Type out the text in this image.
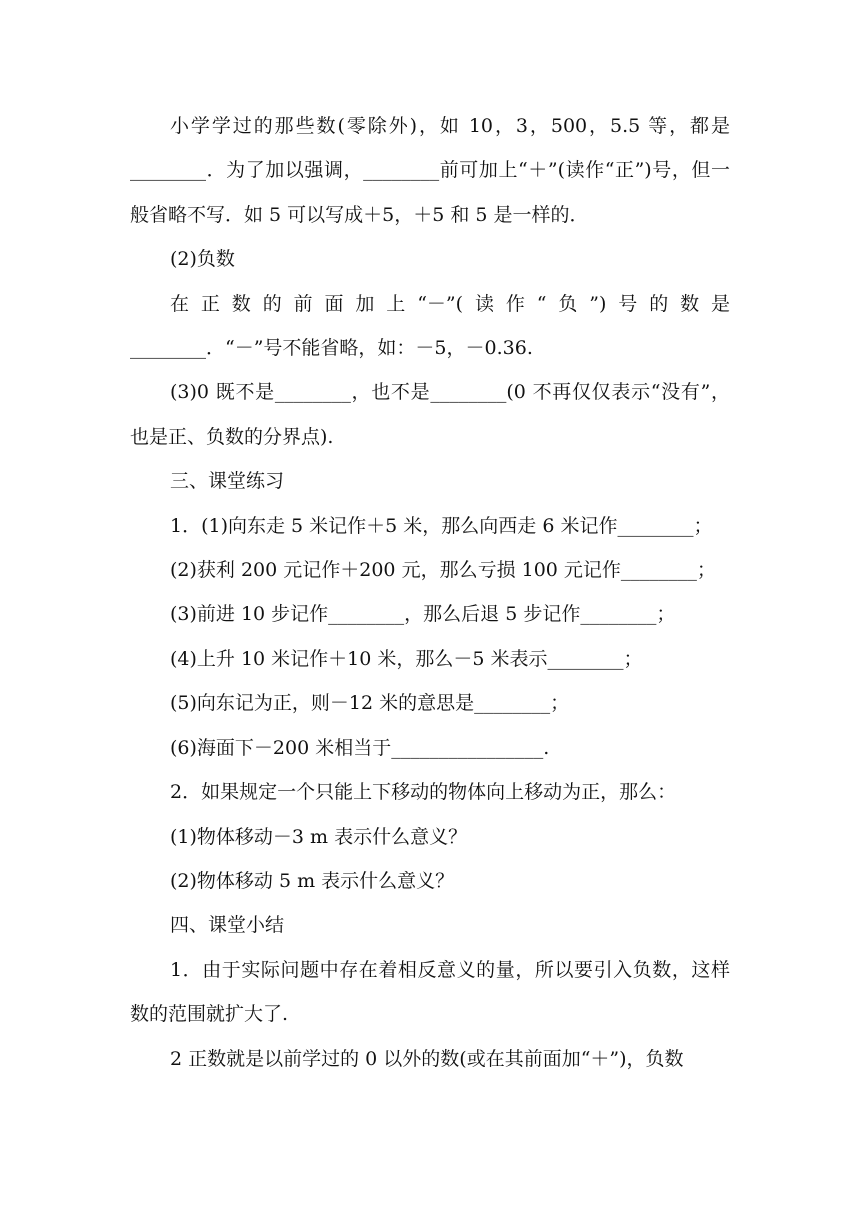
小学学过的那些数(零除外)，如 10，3，500，5.5 等，都是________．为了加以强调，________前可加上“＋”(读作“正”)号，但一般省略不写．如 5 可以写成＋5，＋5 和 5 是一样的．

(2)负数

在正数的前面加上“－”(读作“负”)号的数是

________．“－”号不能省略，如：－5，－0.36.

(3)0 既不是________，也不是________(0 不再仅仅表示“没有”，也是正、负数的分界点).

三、课堂练习

1．(1)向东走 5 米记作＋5 米，那么向西走 6 米记作________；

(2)获利 200 元记作＋200 元，那么亏损 100 元记作________；

(3)前进 10 步记作________，那么后退 5 步记作________；

(4)上升 10 米记作＋10 米，那么－5 米表示________；

(5)向东记为正，则－12 米的意思是________；

(6)海面下－200 米相当于________________.

2．如果规定一个只能上下移动的物体向上移动为正，那么：

(1)物体移动－3 m 表示什么意义？

(2)物体移动 5 m 表示什么意义？

四、课堂小结

1．由于实际问题中存在着相反意义的量，所以要引入负数，这样数的范围就扩大了.

2 正数就是以前学过的 0 以外的数(或在其前面加“＋”)，负数
